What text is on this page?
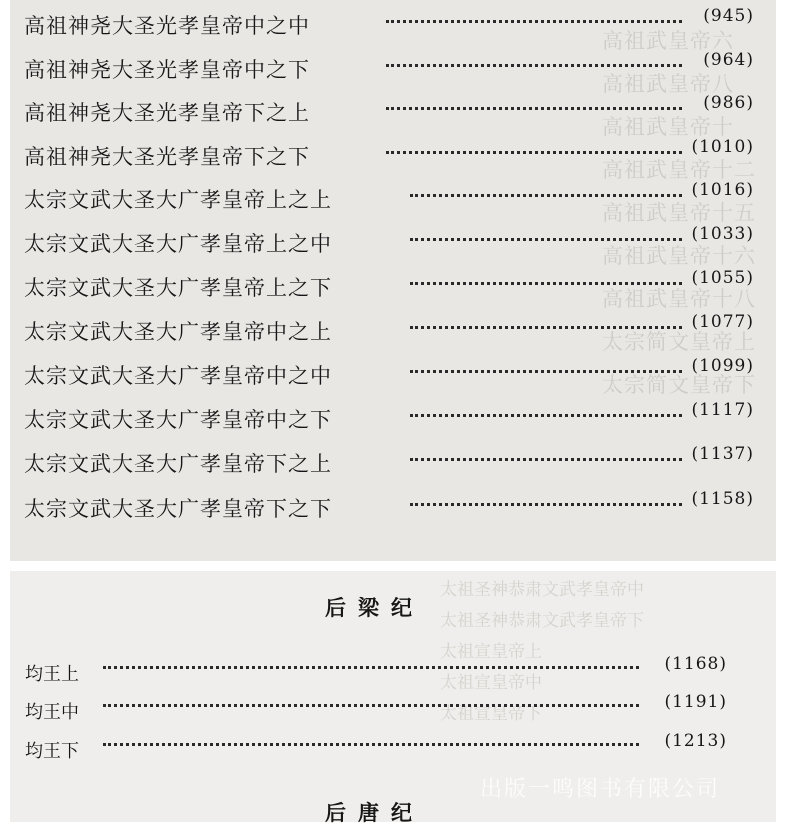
高祖武皇帝六
高祖武皇帝八
高祖武皇帝十
高祖武皇帝十二
高祖武皇帝十五
高祖武皇帝十六
高祖武皇帝十八
太宗简文皇帝上
太宗简文皇帝下
太祖圣神恭肃文武孝皇帝中
太祖圣神恭肃文武孝皇帝下
太祖宣皇帝上
太祖宣皇帝中
太祖宣皇帝下
高祖神尧大圣光孝皇帝中之中	(945)
高祖神尧大圣光孝皇帝中之下	(964)
高祖神尧大圣光孝皇帝下之上	(986)
高祖神尧大圣光孝皇帝下之下	(1010)
太宗文武大圣大广孝皇帝上之上	(1016)
太宗文武大圣大广孝皇帝上之中	(1033)
太宗文武大圣大广孝皇帝上之下	(1055)
太宗文武大圣大广孝皇帝中之上	(1077)
太宗文武大圣大广孝皇帝中之中	(1099)
太宗文武大圣大广孝皇帝中之下	(1117)
太宗文武大圣大广孝皇帝下之上	(1137)
太宗文武大圣大广孝皇帝下之下	(1158)
后梁纪
均王上	(1168)
均王中	(1191)
均王下	(1213)
后唐纪
出版一鸣图书有限公司
